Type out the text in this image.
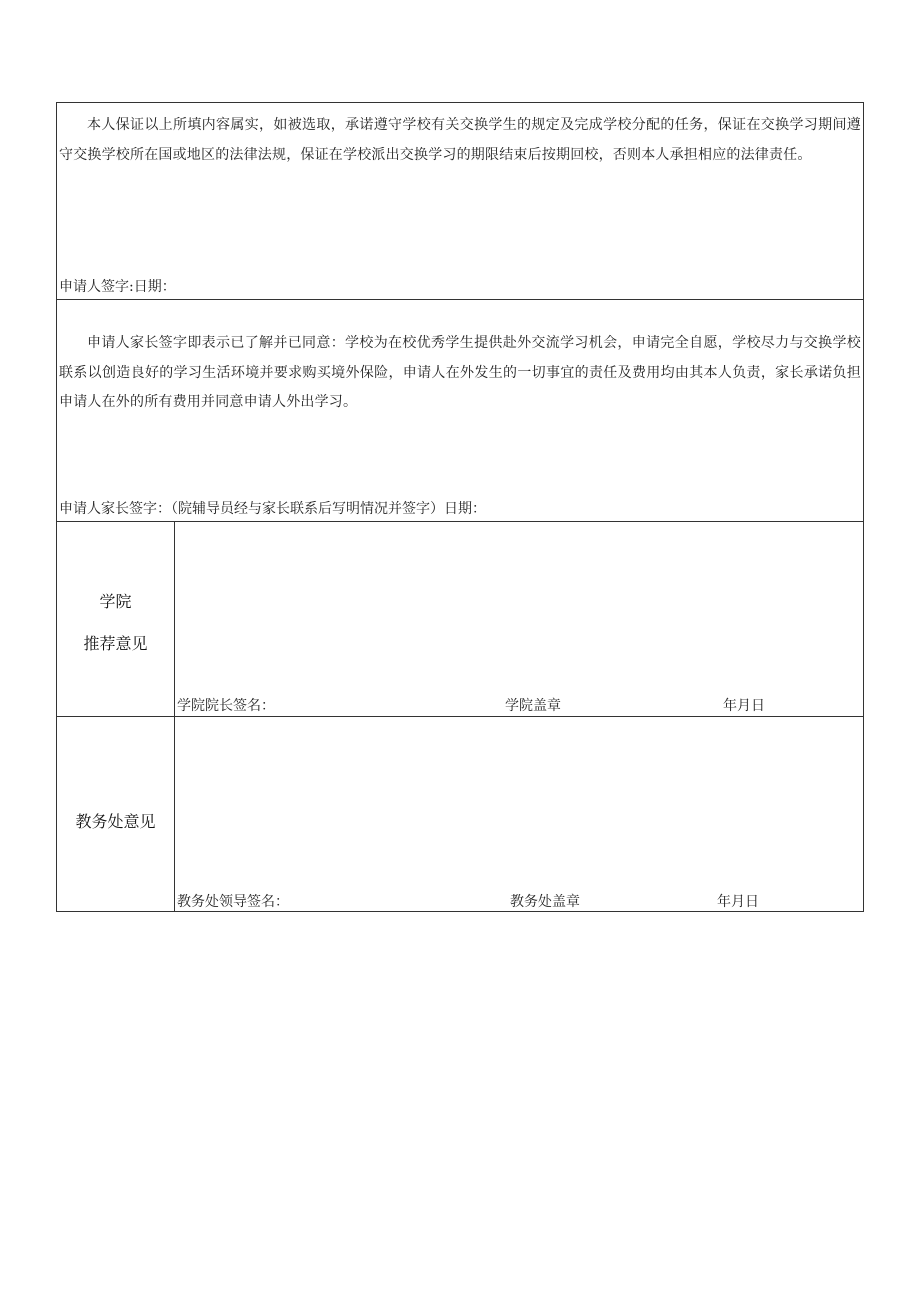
本人保证以上所填内容属实，如被选取，承诺遵守学校有关交换学生的规定及完成学校分配的任务，保证在交换学习期间遵守交换学校所在国或地区的法律法规，保证在学校派出交换学习的期限结束后按期回校，否则本人承担相应的法律责任。
申请人签字:日期：
申请人家长签字即表示已了解并已同意：学校为在校优秀学生提供赴外交流学习机会，申请完全自愿，学校尽力与交换学校联系以创造良好的学习生活环境并要求购买境外保险，申请人在外发生的一切事宜的责任及费用均由其本人负责，家长承诺负担申请人在外的所有费用并同意申请人外出学习。
申请人家长签字：（院辅导员经与家长联系后写明情况并签字）日期：
学院
推荐意见
学院院长签名：	学院盖章	年月日
教务处意见
教务处领导签名：	教务处盖章	年月日
